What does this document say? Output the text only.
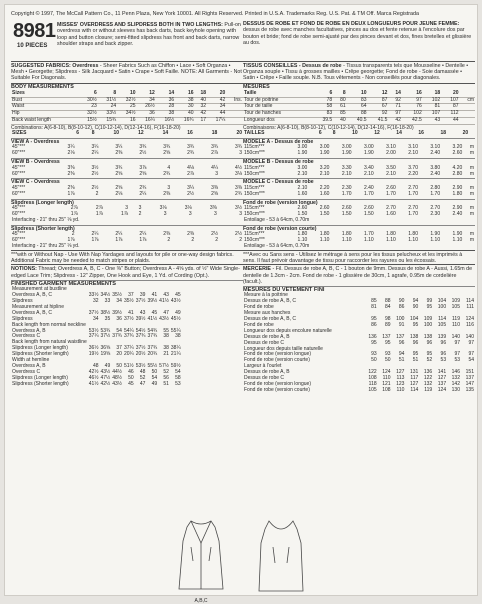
Copyright © 1997, The McCall Pattern Co., 11 Penn Plaza, New York 10001. All Rights Reserved. Printed in U.S.A. Trademarks Reg. U.S. Pat. & TM Off. Marca Registrada
8981
10 PIECES
MISSES' OVERDRESS AND SLIPDRESS BOTH IN TWO LENGTHS: Pull-on overdress with or without sleeves has back darts, back keyhole opening with loop and button closure; semi-fitted slipdress has front and back darts, narrow shoulder straps and back zipper.
SUGGESTED FABRICS: Overdress - Sheer Fabrics Such as Chiffon • Lace • Soft Organza • Mesh • Georgette; Slipdress - Silk Jacquard • Satin • Crape • Soft Faille. NOTE: All Garments - Not Suitable For Diagonals.
BODY MEASUREMENTS
Sizes	6	8	10	12	14	16	18	20	
Bust	30½	31½	32½	34	36	38	40	42	Ins.
Waist	23	24	25	26½	28	30	32	34	
Hip	32½	33½	34½	36	38	40	42	44	
Back waist length	15½	15¾	16	16¼	16½	16¾	17	17¼	
Combinations: A(6-8-10), B(8-10-12), C(10-12-14), D(12-14-16), F(16-18-20)
SIZES	6	8	10	12	14	16	18	20
VIEW A - Overdress
45"***	3¼	3¼	3¼	3¾	3¾	3¾	3¾	3¾
60"***	2⅛	2¼	2⅜	2½	2⅝	2¾	2⅞	3
VIEW B - Overdress
45"***	3⅜	3½	3¾	3⅞	4	4⅛	4¼	4½
60"***	2⅜	2½	2⅝	2⅝	2¾	2⅞	3	3⅛
VIEW C - Overdress
45"***	2⅜	2½	2⅝	2¾	3	3¼	3⅜	3⅜
60"***	1⅞	2	2⅛	2¼	2⅜	2½	2⅝	2¾
Slipdress (Longer length)
45"***	2⅞	2⅞	3	3	3⅛	3⅛	3⅜	3½
60"***	1⅞	1⅞	1⅞	2	3	3	3	3
Interfacing - 21" thru 25" ⅛ yd.								
Slipdress (Shorter length)
45"***	2	2¼	2¼	2¼	2⅜	2⅜	2½	2½
60"***	1⅞	1⅞	1⅞	1⅞	2	2	2	2
Interfacing - 21" thru 25" ⅛ yd.								
***with or Without Nap - Use With Nap Yardages and layouts for pile or one-way design fabrics. Additional Fabric may be needed to match stripes or plaids.
NOTIONS: Thread; Overdress A, B, C - One ⅜" Button; Overdress A - 4⅝ yds. of ½" Wide Single-edged Lace Trim; Slipdress - 12" Zipper, One Hook and Eye, 1 Yd. of Cording (Opt.).
FINISHED GARMENT MEASUREMENTS
Measurement at bustline								
Overdress A, B, C	33½	34½	35½	37	39	41	43	45
Slipdress	32	33	34	35½	37½	39½	41½	43½
Measurement at hipline								
Overdress A, B, C	37½	38½	39½	41	43	45	47	49
Slipdress	34	35	36	37½	39½	41½	43½	45½
Back length from normal neckline								
Overdress A, B	53½	53¾	54	54¼	54½	54¾	55	55¼
Overdress C	37¼	37½	37¾	37¾	37¾	37¾	38	38
Back length from natural waistline								
Slipdress (Longer length)	36½	36⅝	37	37¼	37½	37¾	38	38¼
Slipdress (Shorter length)	19½	19⅝	20	20¼	20½	20¾	21	21¼
Width at hemline								
Overdress A, B	48	49	50	51½	53½	55½	57½	59½
Overdress C	42½	43½	44½	46	48	50	52	54
Slipdress (Longer length)	46½	47½	48½	50	52	54	56	58
Slipdress (Shorter length)	41½	42½	43½	45	47	49	51	53
DESSUS DE ROBE ET FOND DE ROBE EN DEUX LONGUEURS POUR JEUNE FEMME: dessus de robe avec manches facultatives, pinces au dos et fente retenue à l'encolure dos par bouton et bride; fond de robe semi-ajusté par des pinces devant et dos, fines bretelles et glissière au dos.
TISSUS CONSEILLES - Dessus de robe - Tissus transparents tels que Mousseline • Dentelle • Organza souple • Tissu à grosses mailles • Crêpe georgette; Fond de robe - Soie damassée • Satin • Crêpe • Faille souple. N.B. Tous vêtements - Non conseillés pour diagonales.
MESURES
Taille	6	8	10	12	14	16	18	20	
Tour de poitrine	78	80	83	87	92	97	102	107	cm
Tour de taille	58	61	64	67	71	76	81	87	
Tour de hanches	83	85	88	92	97	102	107	112	
Longueur dos	39.5	40	40.5	41.5	42	42.5	43	44	
Combinaisons: A(6-8-10), B(8-10-12), C(10-12-14), D(12-14-16), F(16-18-20)
TAILLES	6	8	10	12	14	16	18	20	
MODELE A - Dessus de robe
115cm***	3.00	3.00	3.00	3.00	3.10	3.10	3.10	3.20	m
150cm***	1.90	1.90	1.90	1.90	2.00	2.10	2.40	2.60	m
MODELE B - Dessus de robe
115cm***	3.00	3.20	3.30	3.40	3.50	3.70	3.80	4.20	m
150cm***	2.10	2.10	2.10	2.10	2.10	2.20	2.40	2.80	m
MODELE C - Dessus de robe
115cm***	2.10	2.20	2.30	2.40	2.60	2.70	2.80	2.90	m
150cm***	1.60	1.60	1.70	1.70	1.70	1.70	1.70	1.80	m
Fond de robe (version longue)
115cm***	2.60	2.60	2.60	2.60	2.70	2.70	2.70	2.90	m
150cm***	1.50	1.50	1.50	1.50	1.60	1.70	2.30	2.40	m
Entoilage - 53 à 64cm, 0.70m									
Fond de robe (version courte)
115cm***	1.80	1.80	1.80	1.70	1.80	1.80	1.90	1.90	m
150cm***	1.10	1.10	1.10	1.10	1.10	1.10	1.10	1.10	m
Entoilage - 53 à 64cm, 0.70m									
***Avec ou Sans sens - Utilisez le métrage à sens pour les tissus pelucheux et les imprimés à sens. Il faut prévoir davantage de tissu pour raccorder les rayures ou les écossais.
MERCERIE - Fil. Dessus de robe A, B, C - 1 bouton de 9mm. Dessus de robe A - Aussi, 1.65m de dentelle de 1.3cm - 2cm. Fond de robe - 1 glissière de 30cm, 1 agrafe, 0.95m de cordelière (facult.).
MESURES DU VETEMENT FINI
Mesure à la poitrine								
Dessus de robe A, B, C	85	88	90	94	99	104	109	114
Fond de robe	81	84	86	90	95	100	105	111
Mesure aux hanches								
Dessus de robe A, B, C	95	98	100	104	109	114	119	124
Fond de robe	86	89	91	95	100	105	110	116
Longueur dos depuis encolure naturelle								
Dessus de robe A, B	136	137	137	138	138	139	140	140
Dessus de robe C	95	95	96	96	96	96	97	97
Longueur dos depuis taille naturelle								
Fond de robe (version longue)	93	93	94	95	95	96	97	97
Fond de robe (version courte)	50	50	51	51	52	53	53	54
Largeur à l'ourlet								
Dessus de robe A, B	122	124	127	131	136	141	146	151
Dessus de robe C	108	110	113	117	122	127	132	137
Fond de robe (version longue)	118	121	123	127	132	137	142	147
Fond de robe (version courte)	105	108	110	114	119	124	130	135
A,B,C
